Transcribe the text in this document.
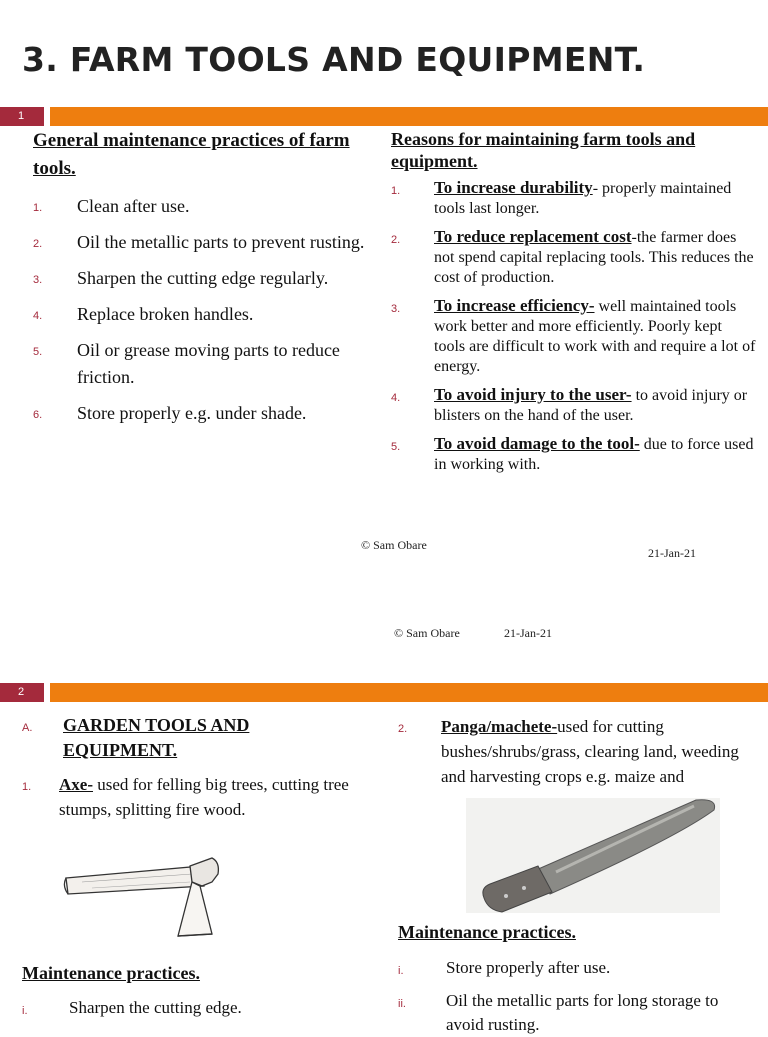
3. FARM TOOLS AND EQUIPMENT.
1
General maintenance practices of farm tools.
1. Clean after use.
2. Oil the metallic parts to prevent rusting.
3. Sharpen the cutting edge regularly.
4. Replace broken handles.
5. Oil or grease moving parts to reduce friction.
6. Store properly e.g. under shade.
Reasons for maintaining farm tools and equipment.
1. To increase durability- properly maintained tools last longer.
2. To reduce replacement cost-the farmer does not spend capital replacing tools. This reduces the cost of production.
3. To increase efficiency- well maintained tools work better and more efficiently. Poorly kept tools are difficult to work with and require a lot of energy.
4. To avoid injury to the user- to avoid injury or blisters on the hand of the user.
5. To avoid damage to the tool- due to force used in working with.
© Sam Obare
21-Jan-21
© Sam Obare	21-Jan-21
2
A. GARDEN TOOLS AND EQUIPMENT.
1.	Axe- used for felling big trees, cutting tree stumps, splitting fire wood.
Maintenance practices.
i.	Sharpen the cutting edge.
2.	Panga/machete-used for cutting bushes/shrubs/grass, clearing land, weeding and harvesting crops e.g. maize and
Maintenance practices.
i.	Store properly after use.
ii. Oil the metallic parts for long storage to avoid rusting.
